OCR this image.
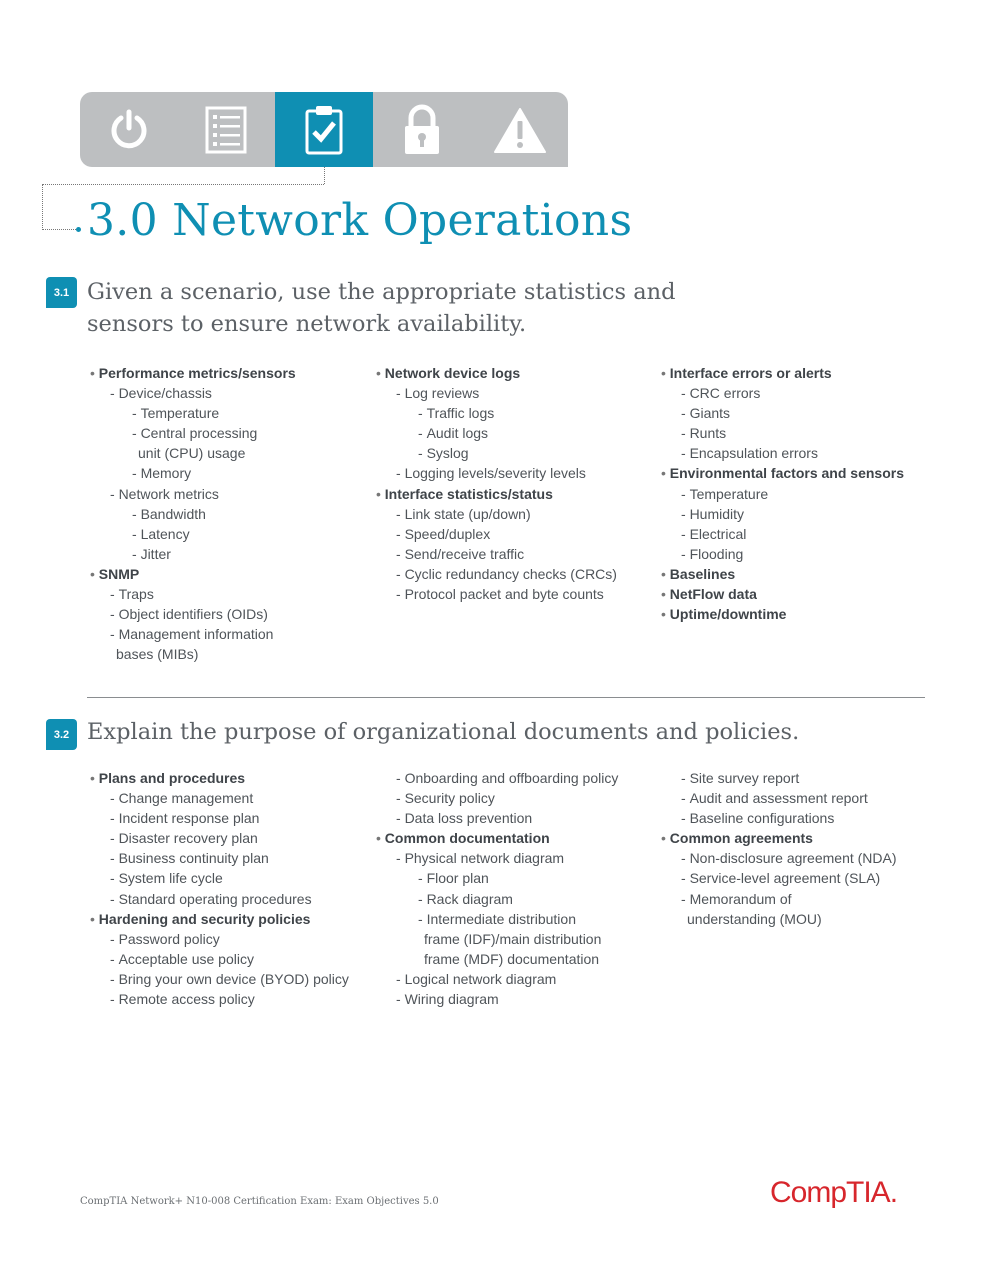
3.0 Network Operations
3.1 Given a scenario, use the appropriate statistics and
sensors to ensure network availability.
• Performance metrics/sensors
- Device/chassis
- Temperature
- Central processing
unit (CPU) usage
- Memory
- Network metrics
- Bandwidth
- Latency
- Jitter
• SNMP
- Traps
- Object identifiers (OIDs)
- Management information
bases (MIBs)
• Network device logs
- Log reviews
- Traffic logs
- Audit logs
- Syslog
- Logging levels/severity levels
• Interface statistics/status
- Link state (up/down)
- Speed/duplex
- Send/receive traffic
- Cyclic redundancy checks (CRCs)
- Protocol packet and byte counts
• Interface errors or alerts
- CRC errors
- Giants
- Runts
- Encapsulation errors
• Environmental factors and sensors
- Temperature
- Humidity
- Electrical
- Flooding
• Baselines
• NetFlow data
• Uptime/downtime
3.2 Explain the purpose of organizational documents and policies.
• Plans and procedures
- Change management
- Incident response plan
- Disaster recovery plan
- Business continuity plan
- System life cycle
- Standard operating procedures
• Hardening and security policies
- Password policy
- Acceptable use policy
- Bring your own device (BYOD) policy
- Remote access policy
- Onboarding and offboarding policy
- Security policy
- Data loss prevention
• Common documentation
- Physical network diagram
- Floor plan
- Rack diagram
- Intermediate distribution
frame (IDF)/main distribution
frame (MDF) documentation
- Logical network diagram
- Wiring diagram
- Site survey report
- Audit and assessment report
- Baseline configurations
• Common agreements
- Non-disclosure agreement (NDA)
- Service-level agreement (SLA)
- Memorandum of
understanding (MOU)
CompTIA Network+ N10-008 Certification Exam: Exam Objectives 5.0	CompTIA.
